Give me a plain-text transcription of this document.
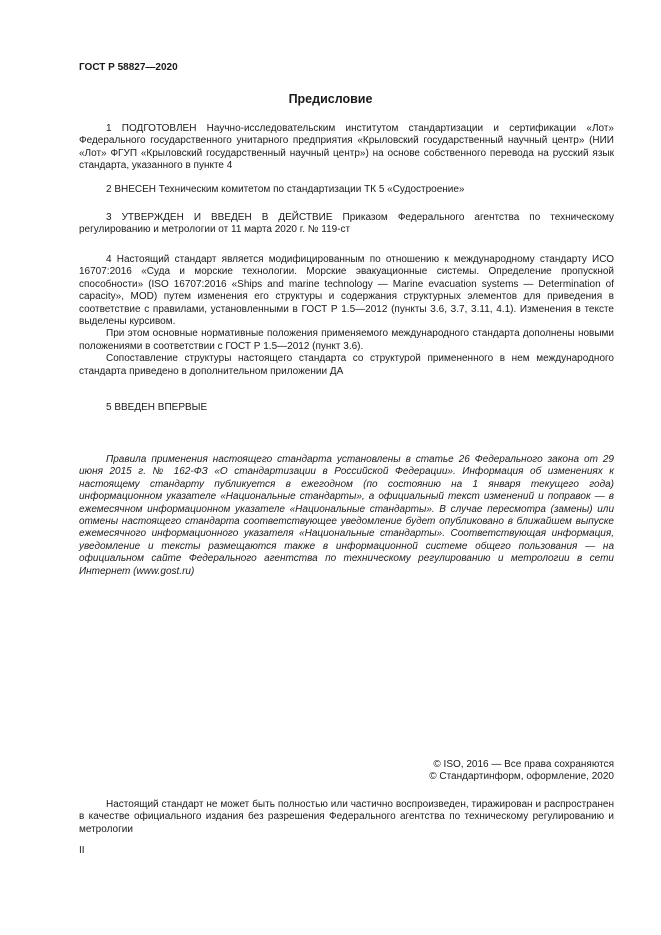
ГОСТ Р 58827—2020
Предисловие

1 ПОДГОТОВЛЕН Научно-исследовательским институтом стандартизации и сертификации «Лот» Федерального государственного унитарного предприятия «Крыловский государственный научный центр» (НИИ «Лот» ФГУП «Крыловский государственный научный центр») на основе собственного перевода на русский язык стандарта, указанного в пункте 4

2 ВНЕСЕН Техническим комитетом по стандартизации ТК 5 «Судостроение»

3 УТВЕРЖДЕН И ВВЕДЕН В ДЕЙСТВИЕ Приказом Федерального агентства по техническому регулированию и метрологии от 11 марта 2020 г. № 119-ст

4 Настоящий стандарт является модифицированным по отношению к международному стандарту ИСО 16707:2016 «Суда и морские технологии. Морские эвакуационные системы. Определение пропускной способности» (ISO 16707:2016 «Ships and marine technology — Marine evacuation systems — Determination of capacity», MOD) путем изменения его структуры и содержания структурных элементов для приведения в соответствие с правилами, установленными в ГОСТ Р 1.5—2012 (пункты 3.6, 3.7, 3.11, 4.1). Изменения в тексте выделены курсивом.

При этом основные нормативные положения применяемого международного стандарта дополнены новыми положениями в соответствии с ГОСТ Р 1.5—2012 (пункт 3.6).

Сопоставление структуры настоящего стандарта со структурой примененного в нем международного стандарта приведено в дополнительном приложении ДА

5 ВВЕДЕН ВПЕРВЫЕ

Правила применения настоящего стандарта установлены в статье 26 Федерального закона от 29 июня 2015 г. № 162-ФЗ «О стандартизации в Российской Федерации». Информация об изменениях к настоящему стандарту публикуется в ежегодном (по состоянию на 1 января текущего года) информационном указателе «Национальные стандарты», а официальный текст изменений и поправок — в ежемесячном информационном указателе «Национальные стандарты». В случае пересмотра (замены) или отмены настоящего стандарта соответствующее уведомление будет опубликовано в ближайшем выпуске ежемесячного информационного указателя «Национальные стандарты». Соответствующая информация, уведомление и тексты размещаются также в информационной системе общего пользования — на официальном сайте Федерального агентства по техническому регулированию и метрологии в сети Интернет (www.gost.ru)

© ISO, 2016 — Все права сохраняются
© Стандартинформ, оформление, 2020

Настоящий стандарт не может быть полностью или частично воспроизведен, тиражирован и распространен в качестве официального издания без разрешения Федерального агентства по техническому регулированию и метрологии

II
